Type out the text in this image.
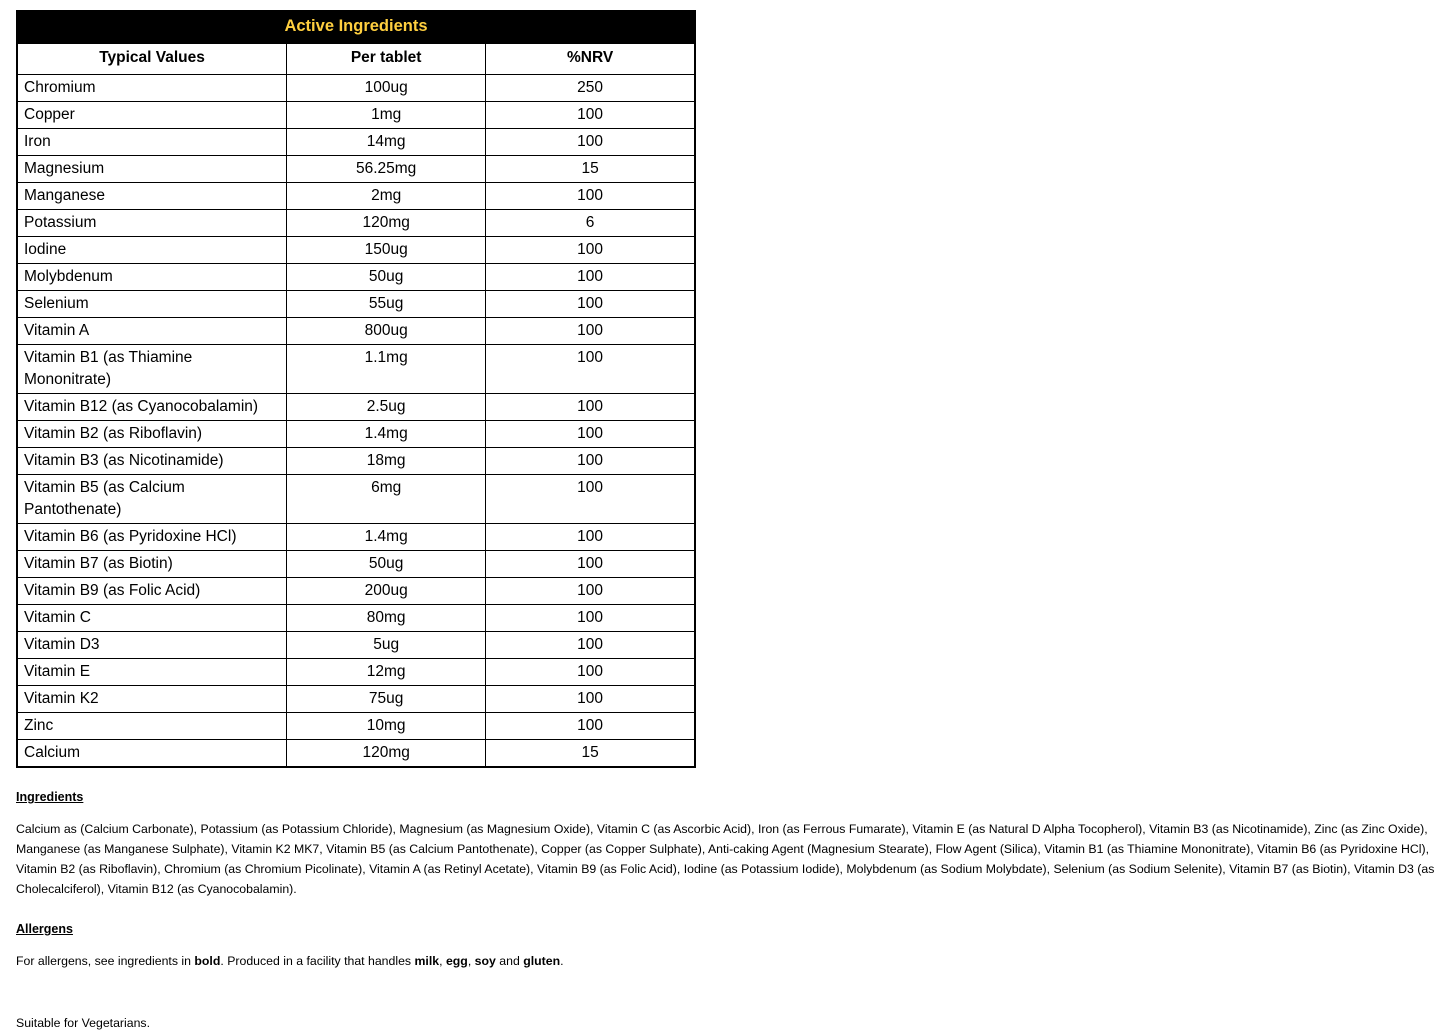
Active Ingredients		
Typical Values	Per tablet	%NRV
Chromium	100ug	250
Copper	1mg	100
Iron	14mg	100
Magnesium	56.25mg	15
Manganese	2mg	100
Potassium	120mg	6
Iodine	150ug	100
Molybdenum	50ug	100
Selenium	55ug	100
Vitamin A	800ug	100
Vitamin B1 (as Thiamine Mononitrate)	1.1mg	100
Vitamin B12 (as Cyanocobalamin)	2.5ug	100
Vitamin B2 (as Riboflavin)	1.4mg	100
Vitamin B3 (as Nicotinamide)	18mg	100
Vitamin B5 (as Calcium Pantothenate)	6mg	100
Vitamin B6 (as Pyridoxine HCl)	1.4mg	100
Vitamin B7 (as Biotin)	50ug	100
Vitamin B9 (as Folic Acid)	200ug	100
Vitamin C	80mg	100
Vitamin D3	5ug	100
Vitamin E	12mg	100
Vitamin K2	75ug	100
Zinc	10mg	100
Calcium	120mg	15
Ingredients
Calcium as (Calcium Carbonate), Potassium (as Potassium Chloride), Magnesium (as Magnesium Oxide), Vitamin C (as Ascorbic Acid), Iron (as Ferrous Fumarate), Vitamin E (as Natural D Alpha Tocopherol), Vitamin B3 (as Nicotinamide), Zinc (as Zinc Oxide), Manganese (as Manganese Sulphate), Vitamin K2 MK7, Vitamin B5 (as Calcium Pantothenate), Copper (as Copper Sulphate), Anti-caking Agent (Magnesium Stearate), Flow Agent (Silica), Vitamin B1 (as Thiamine Mononitrate), Vitamin B6 (as Pyridoxine HCl), Vitamin B2 (as Riboflavin), Chromium (as Chromium Picolinate), Vitamin A (as Retinyl Acetate), Vitamin B9 (as Folic Acid), Iodine (as Potassium Iodide), Molybdenum (as Sodium Molybdate), Selenium (as Sodium Selenite), Vitamin B7 (as Biotin), Vitamin D3 (as Cholecalciferol), Vitamin B12 (as Cyanocobalamin).
Allergens
For allergens, see ingredients in bold. Produced in a facility that handles milk, egg, soy and gluten.
Suitable for Vegetarians.
